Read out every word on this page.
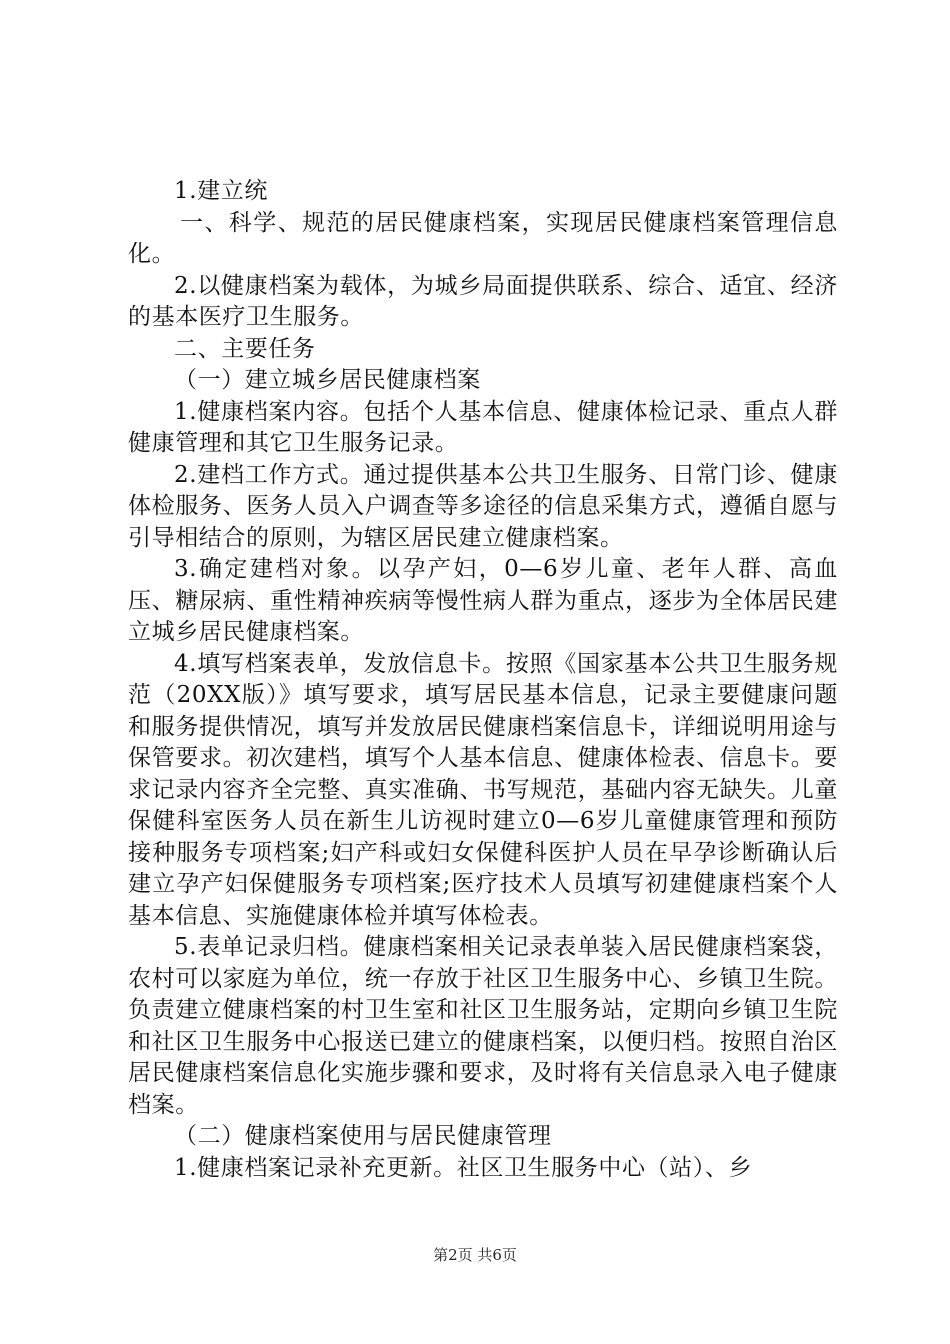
1.建立统

一、科学、规范的居民健康档案，实现居民健康档案管理信息化。

2.以健康档案为载体，为城乡局面提供联系、综合、适宜、经济的基本医疗卫生服务。

二、主要任务

（一）建立城乡居民健康档案

1.健康档案内容。包括个人基本信息、健康体检记录、重点人群健康管理和其它卫生服务记录。

2.建档工作方式。通过提供基本公共卫生服务、日常门诊、健康体检服务、医务人员入户调查等多途径的信息采集方式，遵循自愿与引导相结合的原则，为辖区居民建立健康档案。

3.确定建档对象。以孕产妇，0—6岁儿童、老年人群、高血压、糖尿病、重性精神疾病等慢性病人群为重点，逐步为全体居民建立城乡居民健康档案。

4.填写档案表单，发放信息卡。按照《国家基本公共卫生服务规范（20XX版）》填写要求，填写居民基本信息，记录主要健康问题和服务提供情况，填写并发放居民健康档案信息卡，详细说明用途与保管要求。初次建档，填写个人基本信息、健康体检表、信息卡。要求记录内容齐全完整、真实准确、书写规范，基础内容无缺失。儿童保健科室医务人员在新生儿访视时建立0—6岁儿童健康管理和预防接种服务专项档案;妇产科或妇女保健科医护人员在早孕诊断确认后建立孕产妇保健服务专项档案;医疗技术人员填写初建健康档案个人基本信息、实施健康体检并填写体检表。

5.表单记录归档。健康档案相关记录表单装入居民健康档案袋，农村可以家庭为单位，统一存放于社区卫生服务中心、乡镇卫生院。负责建立健康档案的村卫生室和社区卫生服务站，定期向乡镇卫生院和社区卫生服务中心报送已建立的健康档案，以便归档。按照自治区居民健康档案信息化实施步骤和要求，及时将有关信息录入电子健康档案。

（二）健康档案使用与居民健康管理

1.健康档案记录补充更新。社区卫生服务中心（站）、乡

第2页 共6页
